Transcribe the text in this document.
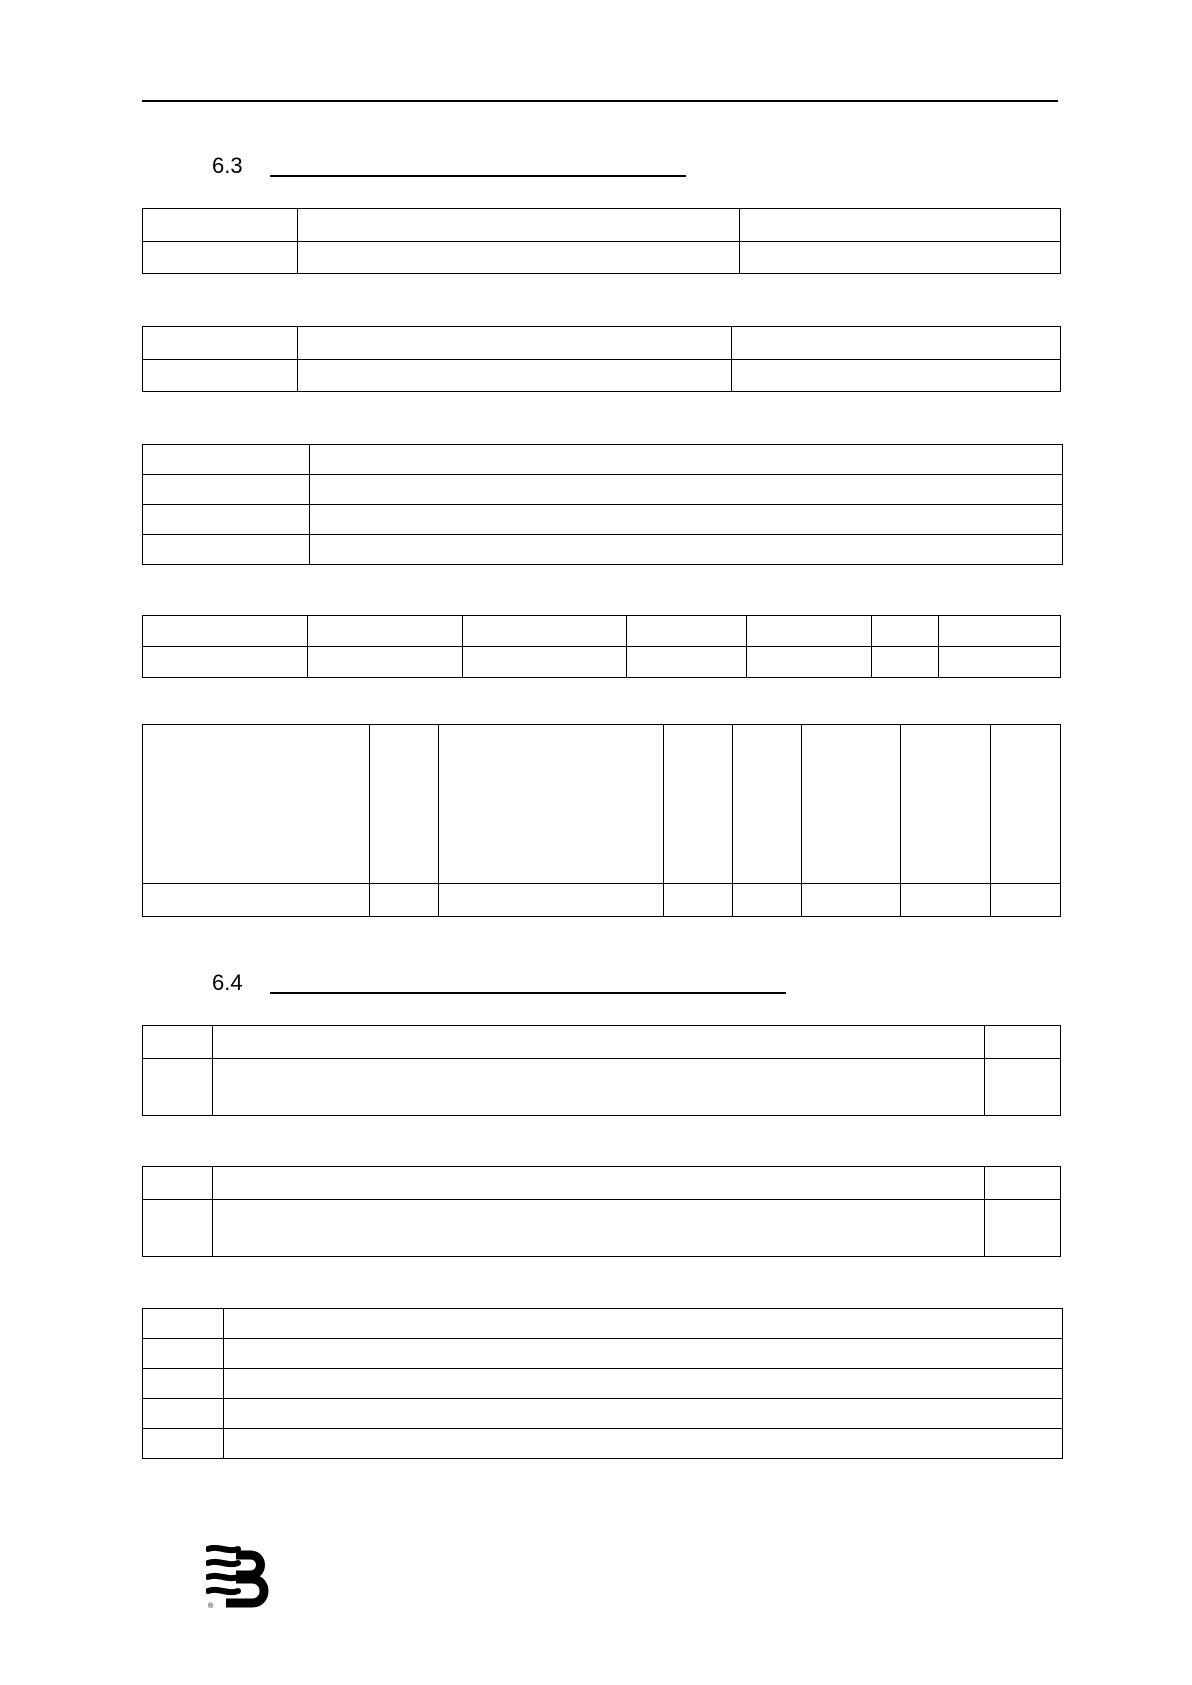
6.3

6.4

®
